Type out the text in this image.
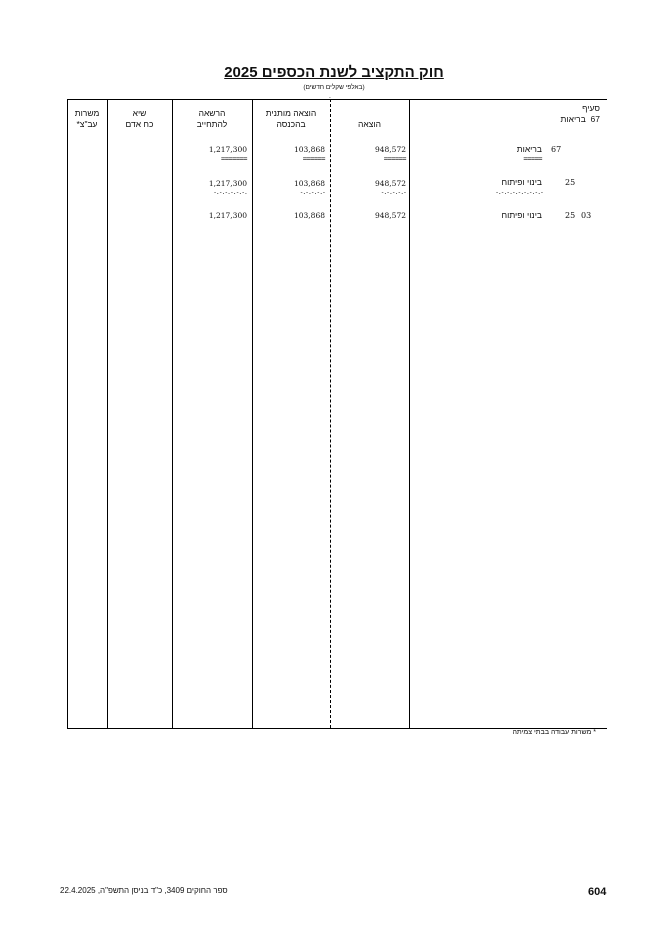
חוק התקציב לשנת הכספים 2025
(באלפי שקלים חדשים)
·
משרות
עב"צ*
שיא
כח אדם
הרשאה
להתחייב
הוצאה מותנית
בהכנסה	הוצאה
סעיף
67  בריאות
67
בריאות
=====
948,572
======
103,868
======
1,217,300
=======
25
בינוי ופיתוח
-.-.-.-.-.-.-.-.-
948,572
-.-.-.-.-
103,868
-.-.-.-.-
1,217,300
-.-.-.-.-.-.
03
25
בינוי ופיתוח
948,572
103,868
1,217,300
* משרות עבודה בבתי צמיתה
604
ספר החוקים 3409, כ"ד בניסן התשפ"ה, 22.4.2025
